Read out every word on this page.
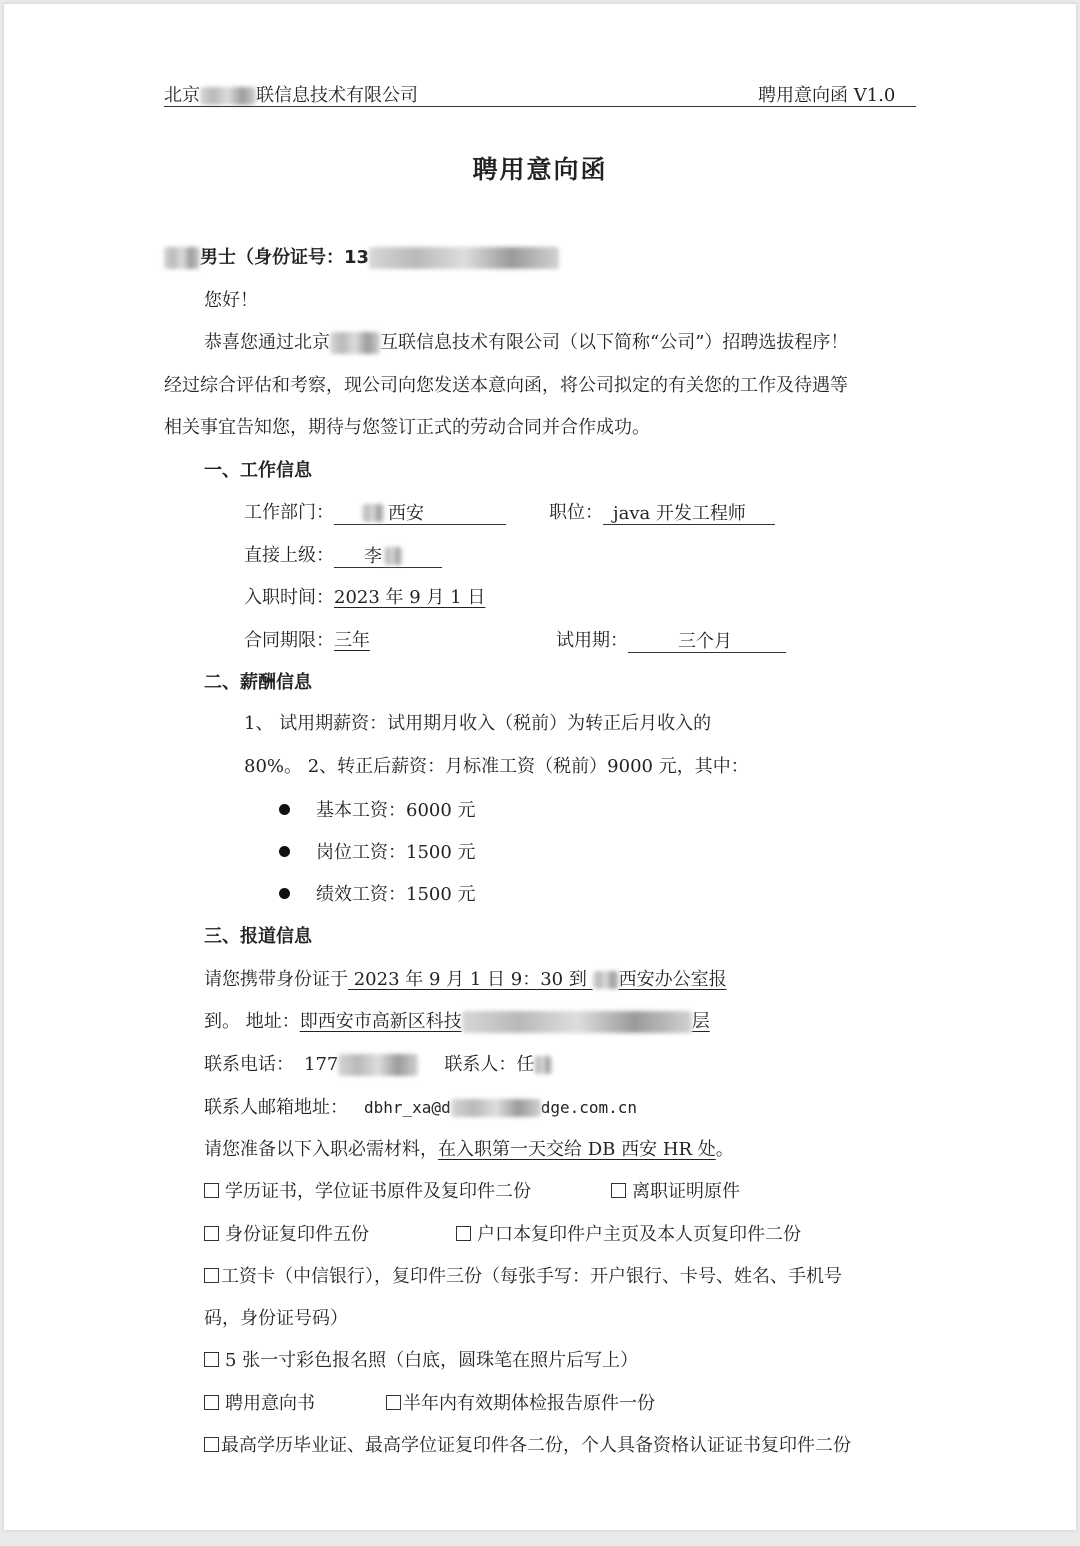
北京	联信息技术有限公司	聘用意向函 V1.0
聘用意向函
男士（身份证号：13
您好！
恭喜您通过北京	互联信息技术有限公司（以下简称“公司”）招聘选拔程序！
经过综合评估和考察，现公司向您发送本意向函，将公司拟定的有关您的工作及待遇等
相关事宜告知您，期待与您签订正式的劳动合同并合作成功。
一、工作信息
工作部门：	西安	职位： java 开发工程师
直接上级： 李
入职时间：2023 年 9 月 1 日
合同期限：三年	试用期：	三个月
二、薪酬信息
1、 试用期薪资：试用期月收入（税前）为转正后月收入的
80%。 2、转正后薪资：月标准工资（税前）9000 元，其中：
基本工资：6000 元
岗位工资：1500 元
绩效工资：1500 元
三、报道信息
请您携带身份证于 2023 年 9 月 1 日 9：30 到 西安办公室报
到。 地址：即西安市高新区科技	层
联系电话： 177	联系人：任
联系人邮箱地址： dbhr_xa@d	dge.com.cn
请您准备以下入职必需材料，在入职第一天交给 DB 西安 HR 处。
学历证书，学位证书原件及复印件二份	离职证明原件
身份证复印件五份	户口本复印件户主页及本人页复印件二份
工资卡（中信银行），复印件三份（每张手写：开户银行、卡号、姓名、手机号
码，身份证号码）
5 张一寸彩色报名照（白底，圆珠笔在照片后写上）
聘用意向书	半年内有效期体检报告原件一份
最高学历毕业证、最高学位证复印件各二份，个人具备资格认证证书复印件二份
